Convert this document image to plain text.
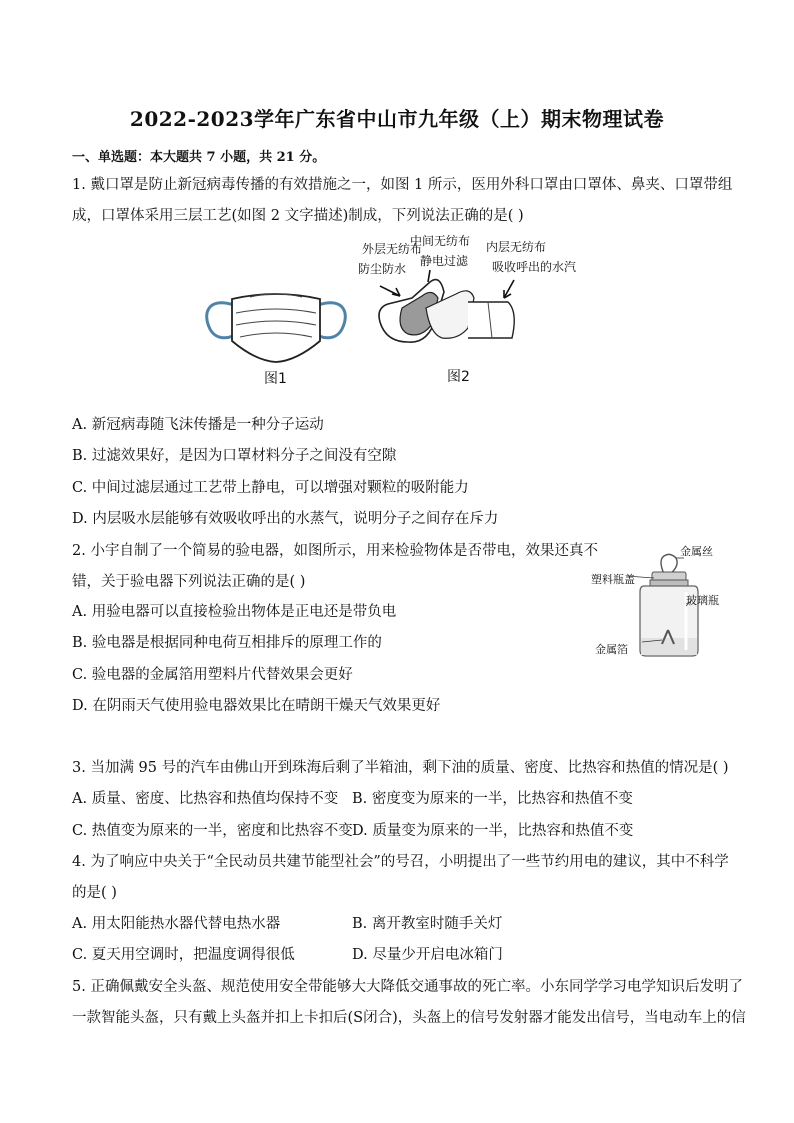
2022-2023学年广东省中山市九年级（上）期末物理试卷
一、单选题：本大题共 7 小题，共 21 分。
1. 戴口罩是防止新冠病毒传播的有效措施之一，如图 1 所示，医用外科口罩由口罩体、鼻夹、口罩带组
成，口罩体采用三层工艺(如图 2 文字描述)制成，下列说法正确的是( )
图1
外层无纺布
防尘防水
中间无纺布
静电过滤
内层无纺布
吸收呼出的水汽
图2
A. 新冠病毒随飞沫传播是一种分子运动
B. 过滤效果好，是因为口罩材料分子之间没有空隙
C. 中间过滤层通过工艺带上静电，可以增强对颗粒的吸附能力
D. 内层吸水层能够有效吸收呼出的水蒸气，说明分子之间存在斥力
2. 小宇自制了一个简易的验电器，如图所示，用来检验物体是否带电，效果还真不
错，关于验电器下列说法正确的是( )
金属丝
塑料瓶盖
玻璃瓶
金属箔
A. 用验电器可以直接检验出物体是正电还是带负电
B. 验电器是根据同种电荷互相排斥的原理工作的
C. 验电器的金属箔用塑料片代替效果会更好
D. 在阴雨天气使用验电器效果比在晴朗干燥天气效果更好
3. 当加满 95 号的汽车由佛山开到珠海后剩了半箱油，剩下油的质量、密度、比热容和热值的情况是( )
A. 质量、密度、比热容和热值均保持不变 B. 密度变为原来的一半，比热容和热值不变
C. 热值变为原来的一半，密度和比热容不变 D. 质量变为原来的一半，比热容和热值不变
4. 为了响应中央关于“全民动员共建节能型社会”的号召，小明提出了一些节约用电的建议，其中不科学
的是( )
A. 用太阳能热水器代替电热水器	B. 离开教室时随手关灯
C. 夏天用空调时，把温度调得很低	D. 尽量少开启电冰箱门
5. 正确佩戴安全头盔、规范使用安全带能够大大降低交通事故的死亡率。小东同学学习电学知识后发明了
一款智能头盔，只有戴上头盔并扣上卡扣后(S闭合)，头盔上的信号发射器才能发出信号，当电动车上的信
